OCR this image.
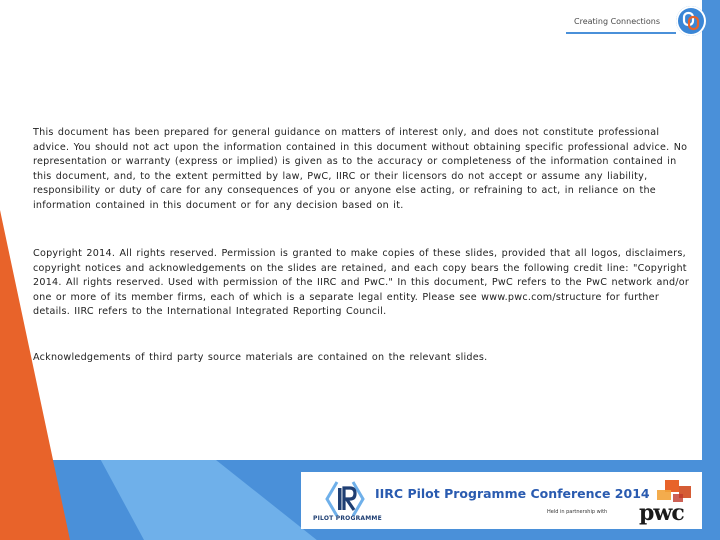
Creating Connections

This document has been prepared for general guidance on matters of interest only, and does not constitute professional advice. You should not act upon the information contained in this document without obtaining specific professional advice. No representation or warranty (express or implied) is given as to the accuracy or completeness of the information contained in this document, and, to the extent permitted by law, PwC, IIRC or their licensors do not accept or assume any liability, responsibility or duty of care for any consequences of you or anyone else acting, or refraining to act, in reliance on the information contained in this document or for any decision based on it.

Copyright 2014. All rights reserved. Permission is granted to make copies of these slides, provided that all logos, disclaimers, copyright notices and acknowledgements on the slides are retained, and each copy bears the following credit line: "Copyright 2014. All rights reserved. Used with permission of the IIRC and PwC." In this document, PwC refers to the PwC network and/or one or more of its member firms, each of which is a separate legal entity. Please see www.pwc.com/structure for further details. IIRC refers to the International Integrated Reporting Council.

Acknowledgements of third party source materials are contained on the relevant slides.

PILOT PROGRAMME
IIRC Pilot Programme Conference 2014
Held in partnership with pwc
